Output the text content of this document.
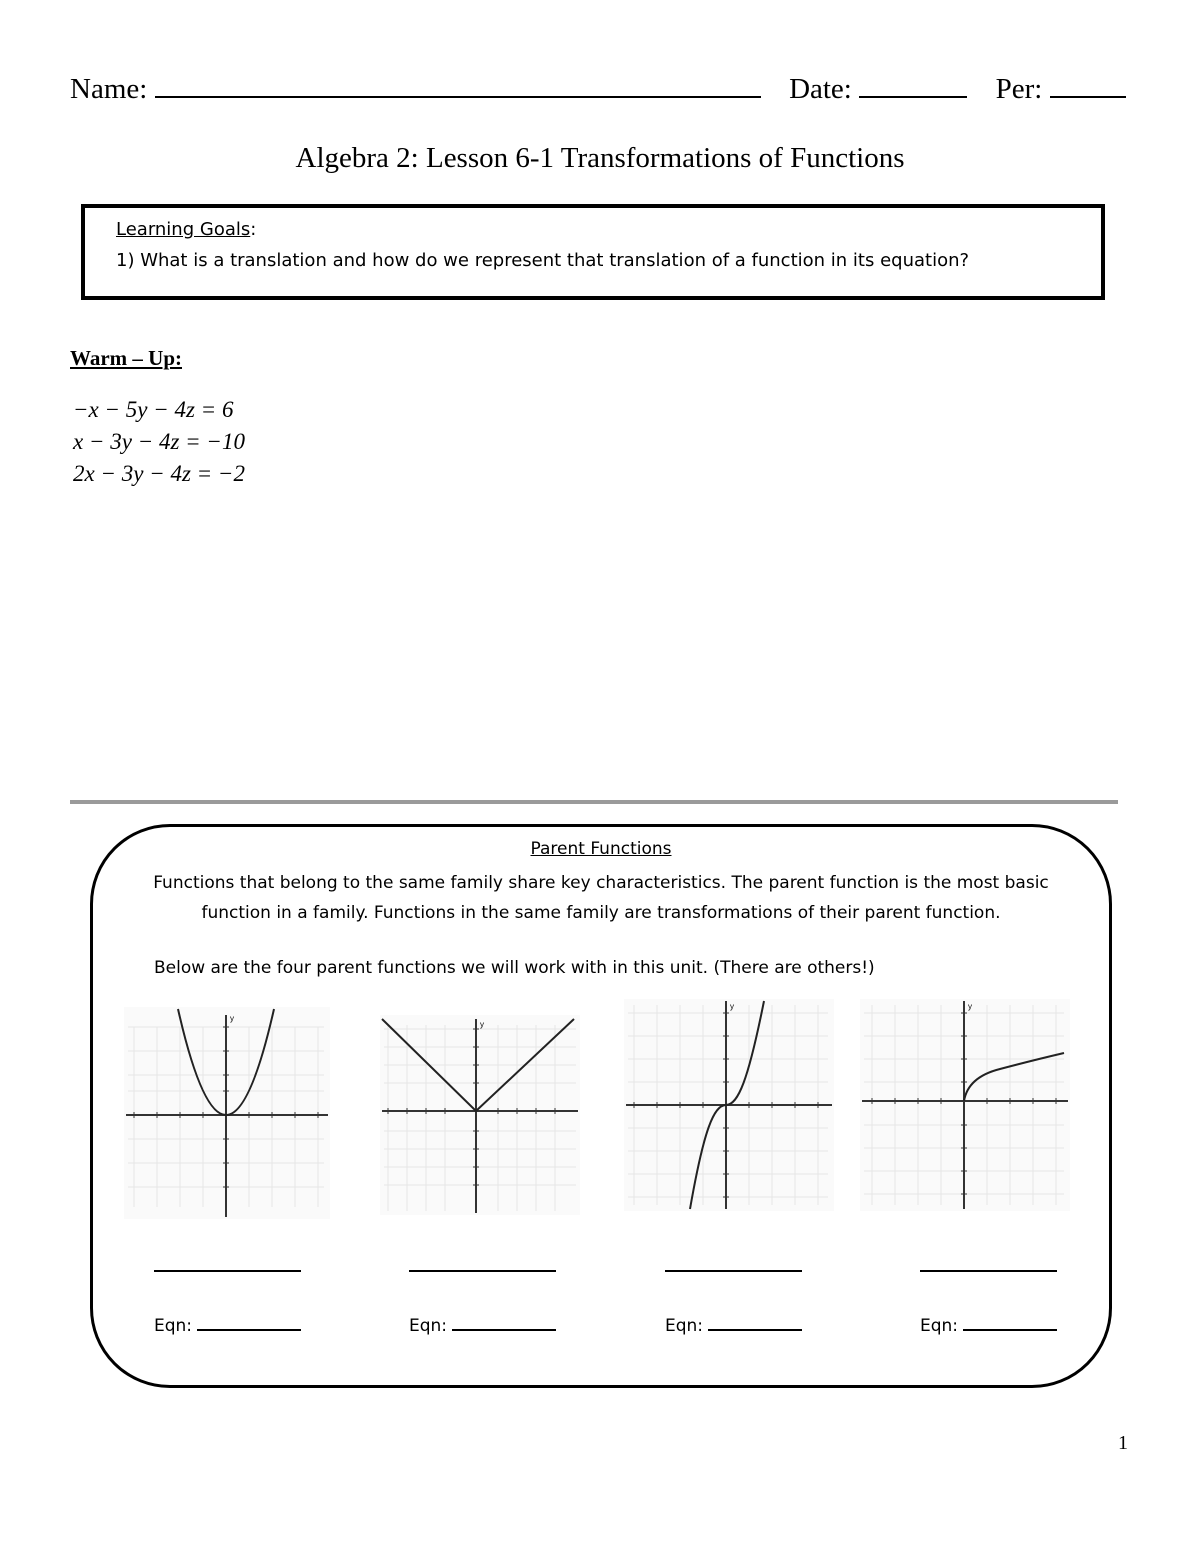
Name:	Date:	Per:
Algebra 2: Lesson 6-1 Transformations of Functions
Learning Goals:
1) What is a translation and how do we represent that translation of a function in its equation?
Warm – Up:
−x − 5y − 4z = 6
x − 3y − 4z = −10
2x − 3y − 4z = −2
Parent Functions
Functions that belong to the same family share key characteristics. The parent function is the most basic function in a family. Functions in the same family are transformations of their parent function.
Below are the four parent functions we will work with in this unit. (There are others!)
y
y
y	y
Eqn:	Eqn:	Eqn:	Eqn:
1
